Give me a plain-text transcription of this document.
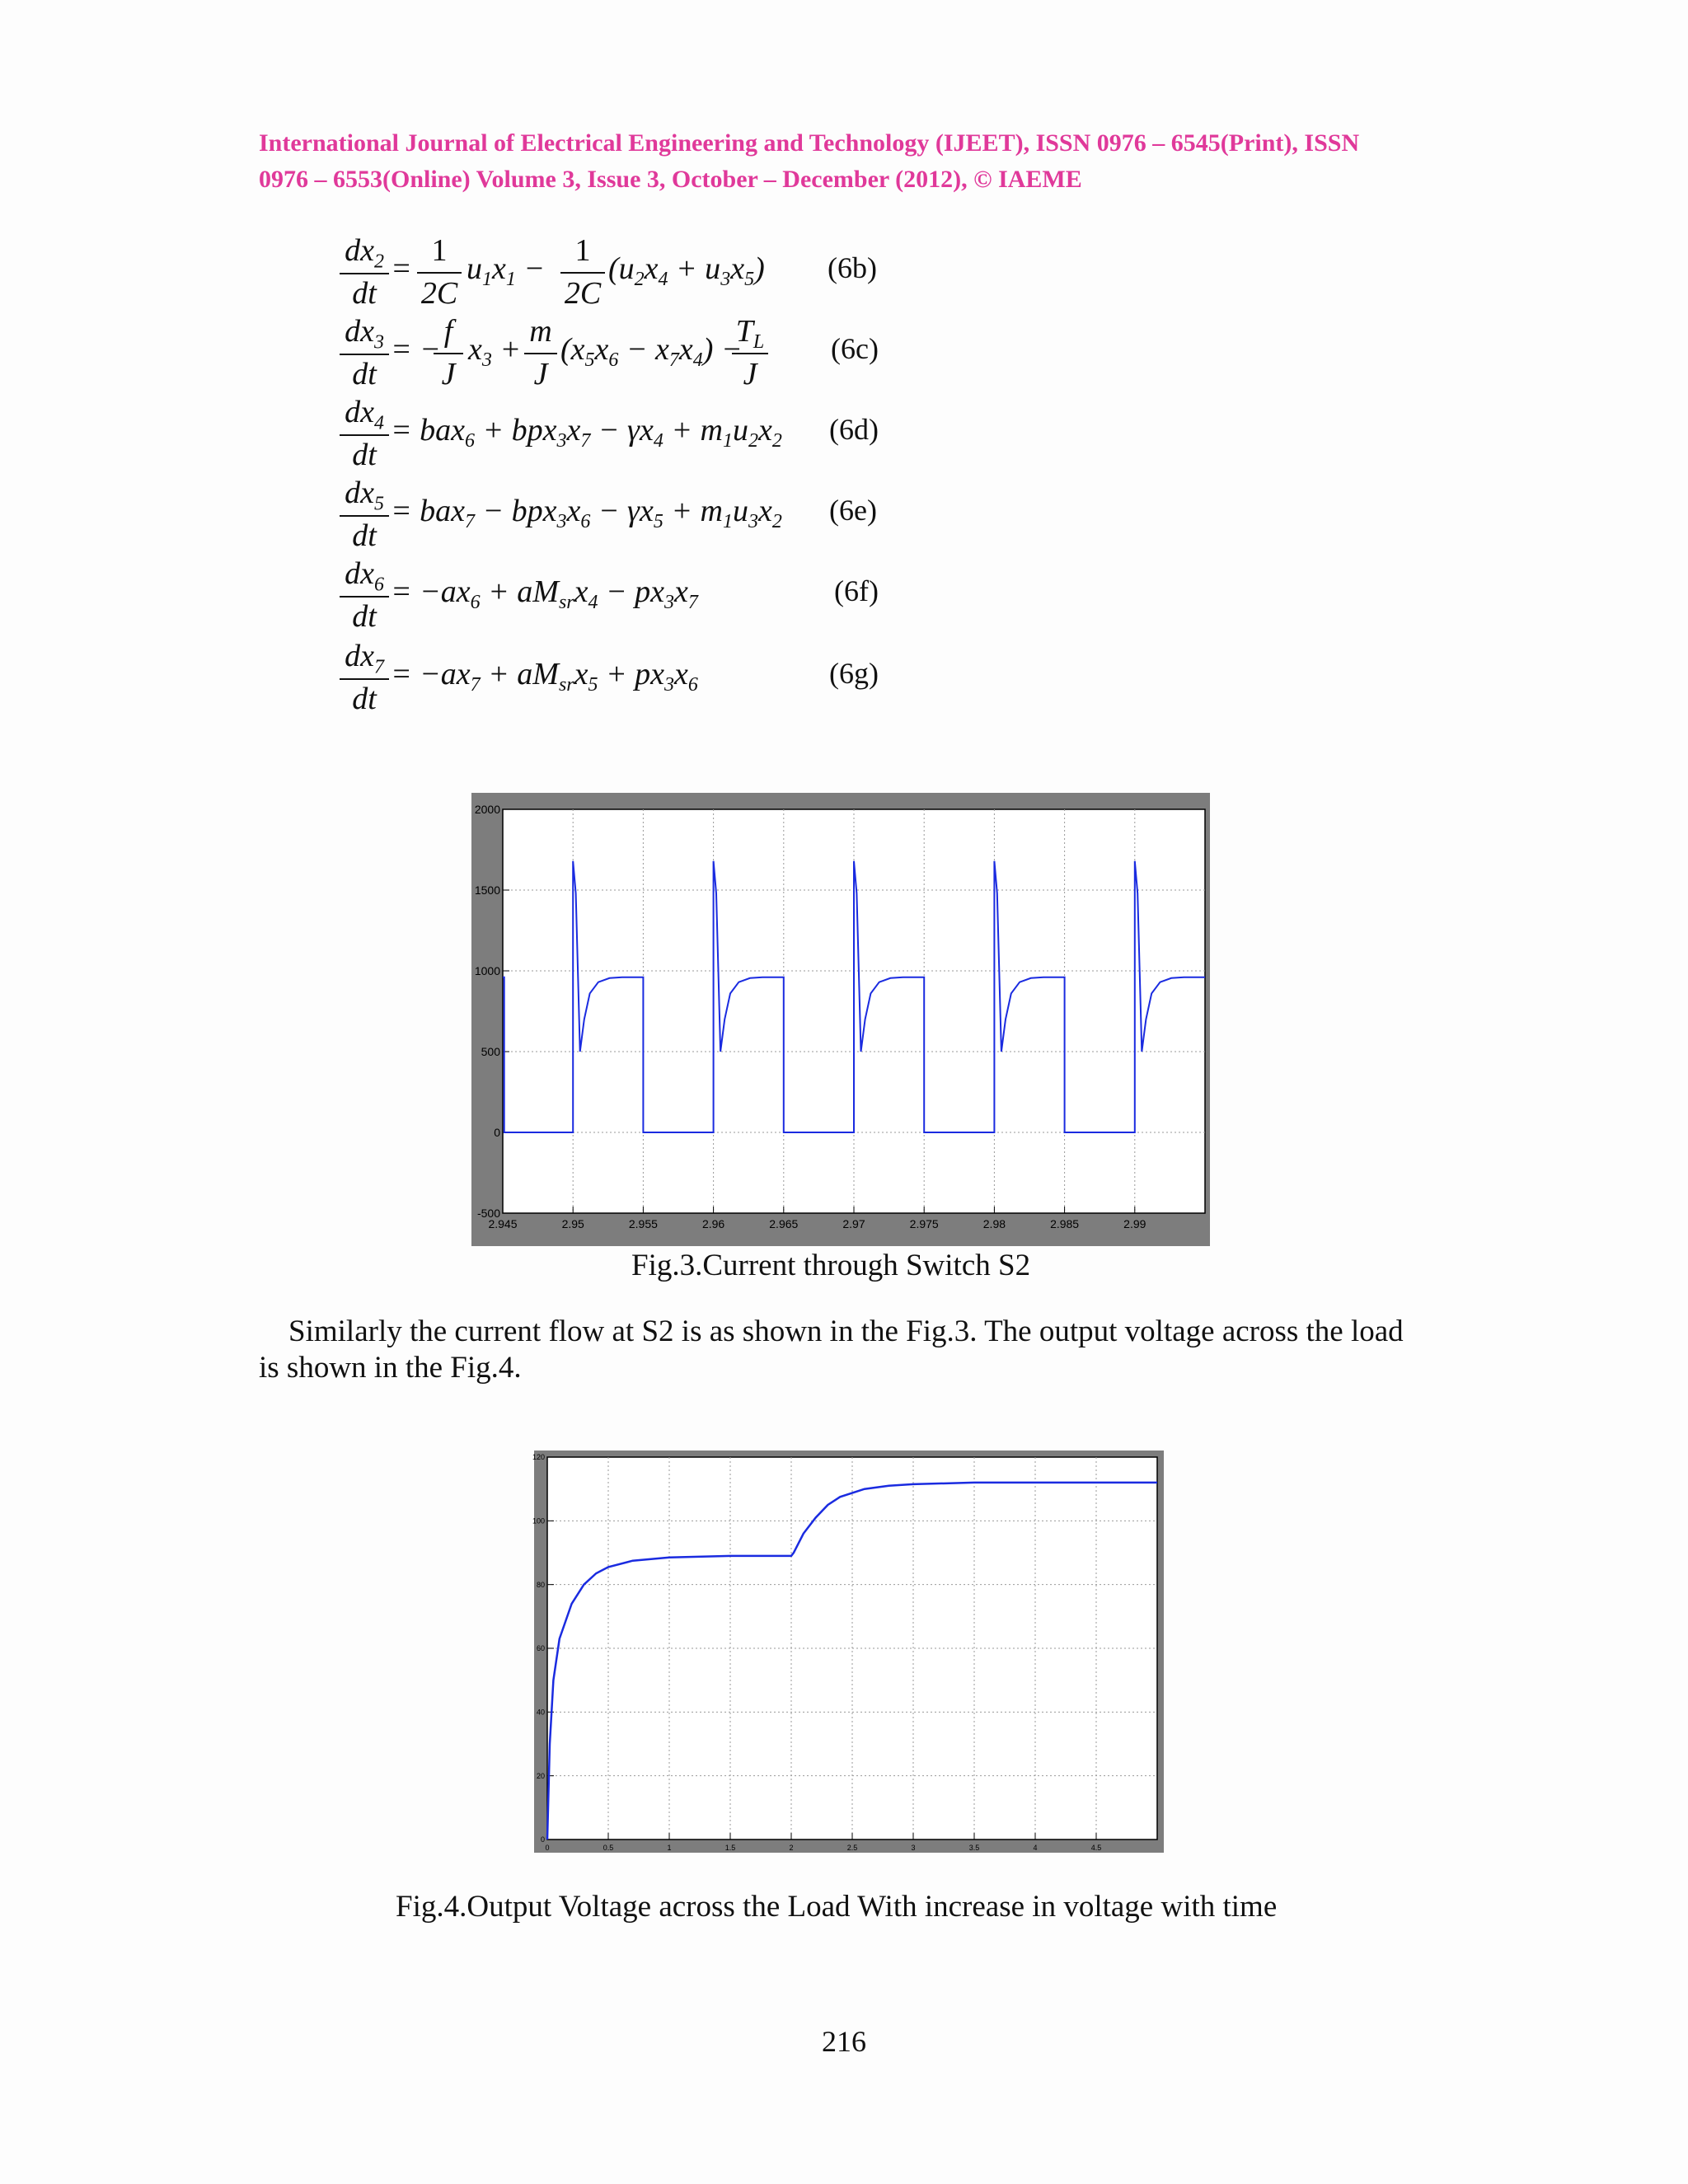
International Journal of Electrical Engineering and Technology (IJEET), ISSN 0976 – 6545(Print), ISSN
0976 – 6553(Online) Volume 3, Issue 3, October – December (2012), © IAEME
$dx_2$
dt
=
1
2C
$u_1x_1$ −
1
2C
$(u_2x_4 + u_3x_5)$ (6b)
$dx_3$
dt
= −
f
J
$x_3$ +
m
J
$(x_5x_6 - x_7x_4)$ −
$T_L$
J
(6c)
$dx_4$
dt
= $bax_6 + bpx_3x_7 - \gamma x_4 + m_1u_2x_2$ (6d)
$dx_5$
dt
= $bax_7 - bpx_3x_6 - \gamma x_5 + m_1u_3x_2$ (6e)
$dx_6$
dt
= $-ax_6 + aM_{sr}x_4 - px_3x_7$	(6f)
$dx_7$
dt
= $-ax_7 + aM_{sr}x_5 + px_3x_6$	(6g)
2.945	2.95	2.955	2.96	2.965	2.97	2.975	2.98	2.985	2.99
-500
0
500
1000
1500
2000
Fig.3.Current through Switch S2
Similarly the current flow at S2 is as shown in the Fig.3. The output voltage across the load
is shown in the Fig.4.
0	0.5	1	1.5	2	2.5	3	3.5	4	4.5
0
20
40
60
80
100
120
Fig.4.Output Voltage across the Load With increase in voltage with time
216
